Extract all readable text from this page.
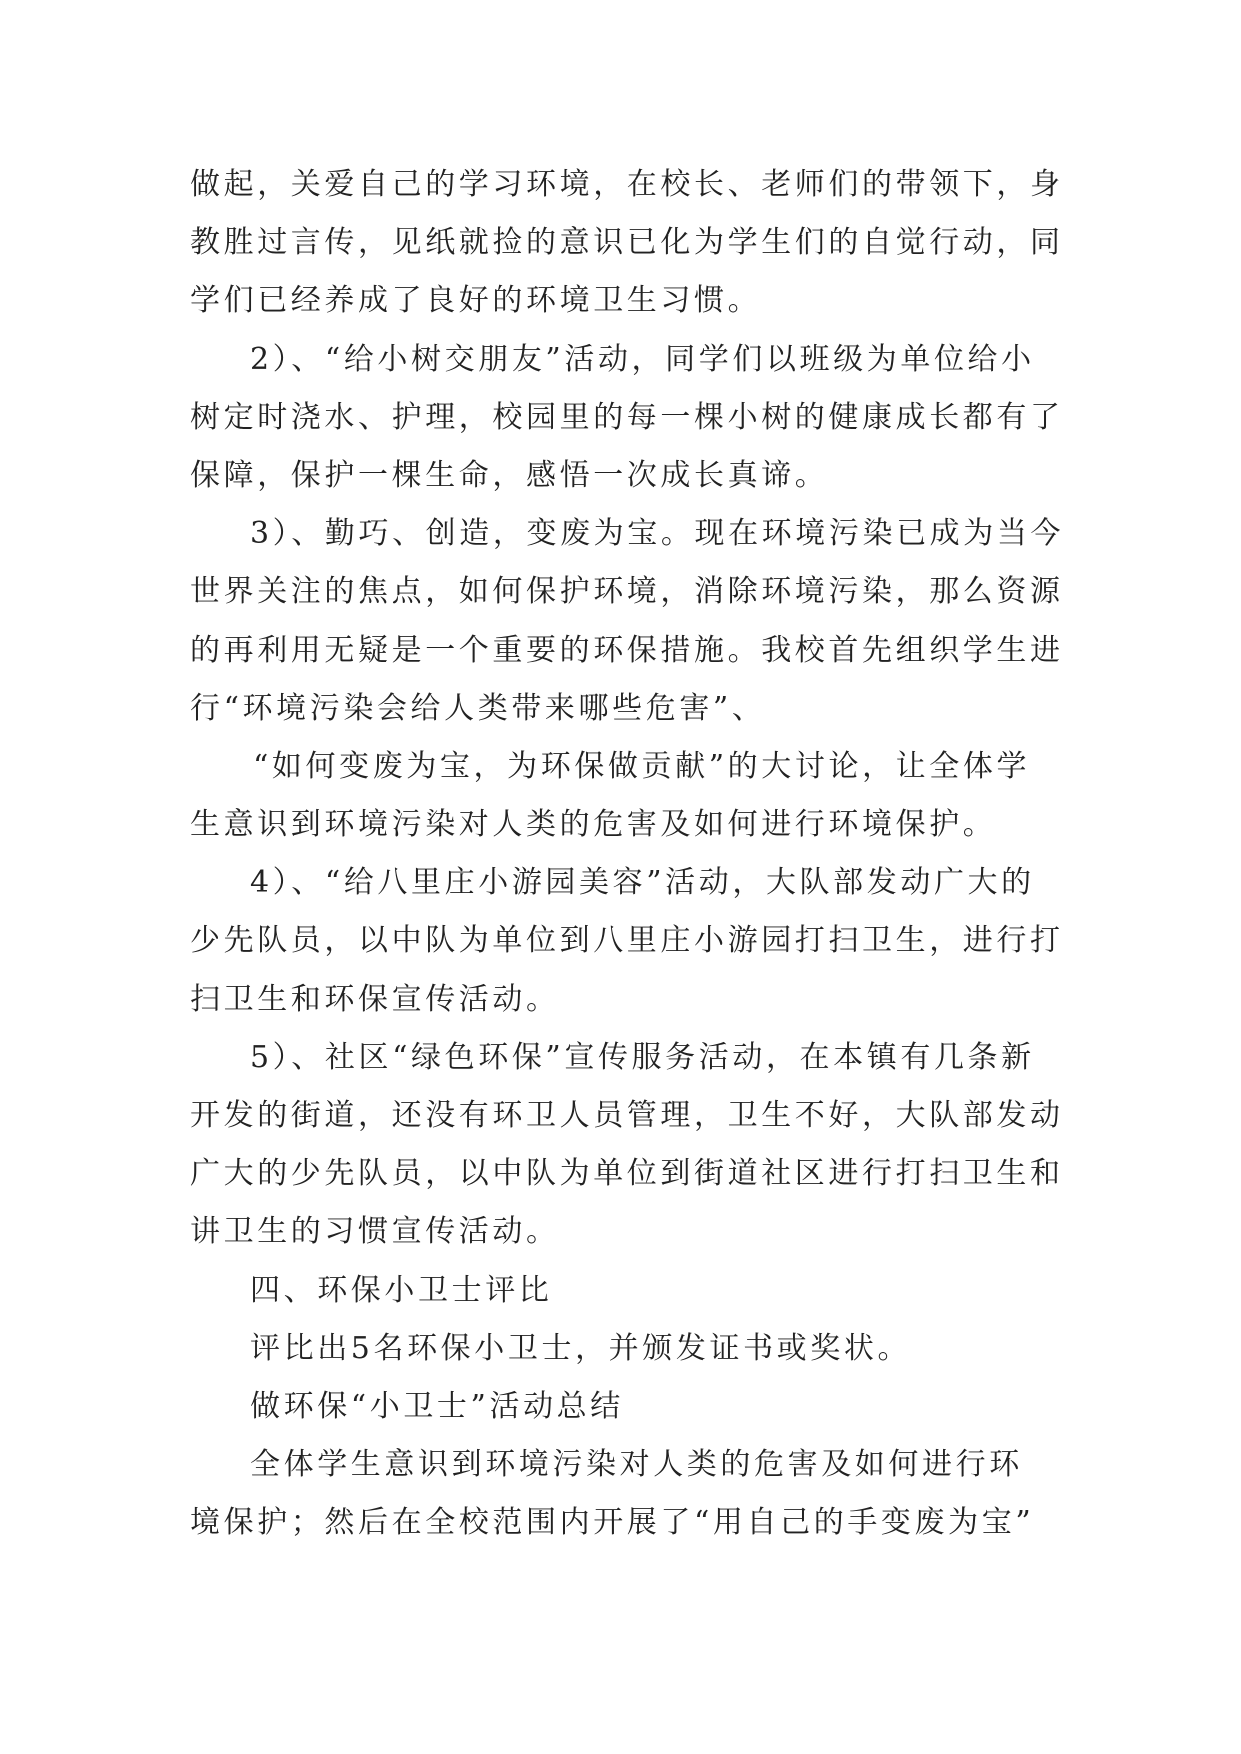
做起，关爱自己的学习环境，在校长、老师们的带领下，身
教胜过言传，见纸就捡的意识已化为学生们的自觉行动，同
学们已经养成了良好的环境卫生习惯。
2）、“给小树交朋友”活动，同学们以班级为单位给小
树定时浇水、护理，校园里的每一棵小树的健康成长都有了
保障，保护一棵生命，感悟一次成长真谛。
3）、勤巧、创造，变废为宝。现在环境污染已成为当今
世界关注的焦点，如何保护环境，消除环境污染，那么资源
的再利用无疑是一个重要的环保措施。我校首先组织学生进
行“环境污染会给人类带来哪些危害”、
“如何变废为宝，为环保做贡献”的大讨论，让全体学
生意识到环境污染对人类的危害及如何进行环境保护。
4）、“给八里庄小游园美容”活动，大队部发动广大的
少先队员，以中队为单位到八里庄小游园打扫卫生，进行打
扫卫生和环保宣传活动。
5）、社区“绿色环保”宣传服务活动，在本镇有几条新
开发的街道，还没有环卫人员管理，卫生不好，大队部发动
广大的少先队员，以中队为单位到街道社区进行打扫卫生和
讲卫生的习惯宣传活动。
四、环保小卫士评比
评比出5名环保小卫士，并颁发证书或奖状。
做环保“小卫士”活动总结
全体学生意识到环境污染对人类的危害及如何进行环
境保护；然后在全校范围内开展了“用自己的手变废为宝”
